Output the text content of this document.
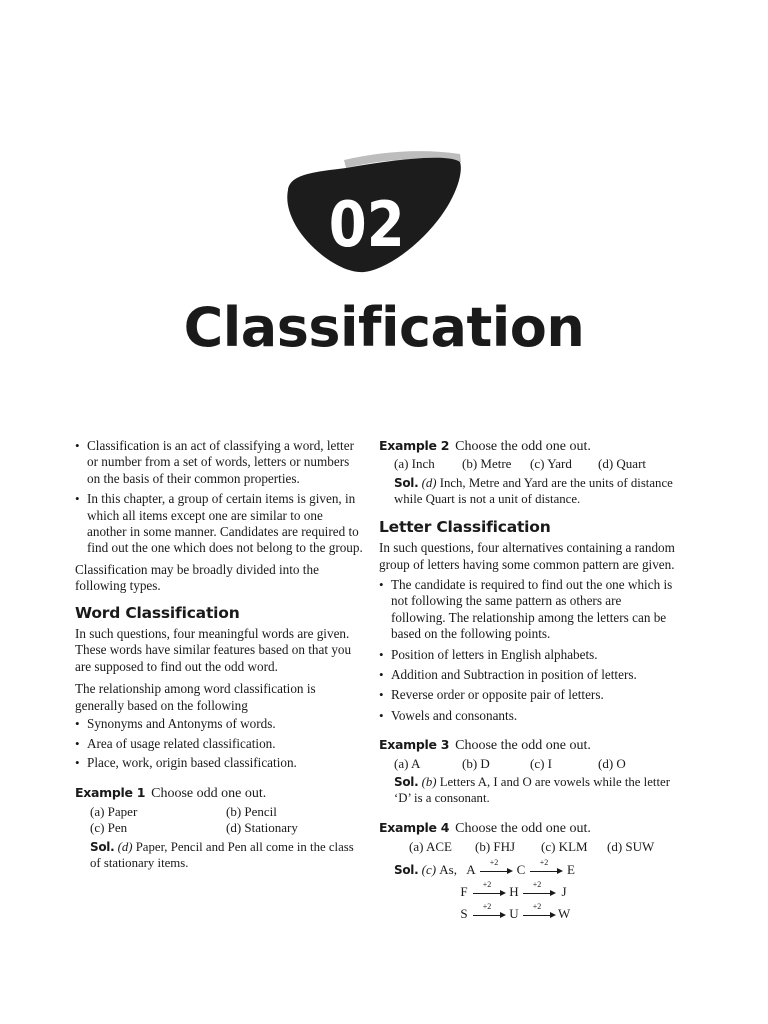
02
Classification
• Classification is an act of classifying a word, letter or number from a set of words, letters or numbers on the basis of their common properties.
• In this chapter, a group of certain items is given, in which all items except one are similar to one another in some manner. Candidates are required to find out the one which does not belong to the group.

Classification may be broadly divided into the following types.

Word Classification

In such questions, four meaningful words are given. These words have similar features based on that you are supposed to find out the odd word.

The relationship among word classification is generally based on the following

• Synonyms and Antonyms of words.
• Area of usage related classification.
• Place, work, origin based classification.
Example 1 Choose odd one out.
(a) Paper	(b) Pencil
(c) Pen	(d) Stationary
Sol. (d) Paper, Pencil and Pen all come in the class of stationary items.
Example 2 Choose the odd one out.
(a) Inch	(b) Metre	(c) Yard	(d) Quart
Sol. (d) Inch, Metre and Yard are the units of distance while Quart is not a unit of distance.
Letter Classification

In such questions, four alternatives containing a random group of letters having some common pattern are given.

• The candidate is required to find out the one which is not following the same pattern as others are following. The relationship among the letters can be based on the following points.
• Position of letters in English alphabets.
• Addition and Subtraction in position of letters.
• Reverse order or opposite pair of letters.
• Vowels and consonants.
Example 3 Choose the odd one out.
(a) A	(b) D	(c) I	(d) O
Sol. (b) Letters A, I and O are vowels while the letter ‘D’ is a consonant.
Example 4 Choose the odd one out.
(a) ACE	(b) FHJ	(c) KLM	(d) SUW
Sol.
(c)
As, A	+2	C	+2	E
F	+2	H	+2	J
S	+2	U	+2	W
